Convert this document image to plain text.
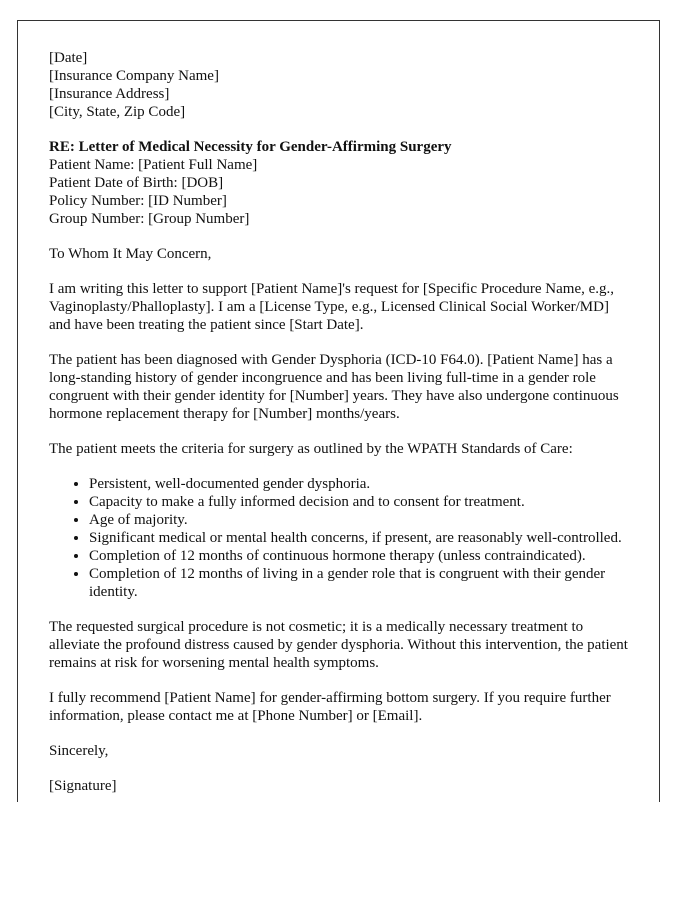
[Date]
[Insurance Company Name]
[Insurance Address]
[City, State, Zip Code]
RE: Letter of Medical Necessity for Gender-Affirming Surgery
Patient Name: [Patient Full Name]
Patient Date of Birth: [DOB]
Policy Number: [ID Number]
Group Number: [Group Number]
To Whom It May Concern,

I am writing this letter to support [Patient Name]'s request for [Specific Procedure Name, e.g., Vaginoplasty/Phalloplasty]. I am a [License Type, e.g., Licensed Clinical Social Worker/MD] and have been treating the patient since [Start Date].

The patient has been diagnosed with Gender Dysphoria (ICD-10 F64.0). [Patient Name] has a long-standing history of gender incongruence and has been living full-time in a gender role congruent with their gender identity for [Number] years. They have also undergone continuous hormone replacement therapy for [Number] months/years.

The patient meets the criteria for surgery as outlined by the WPATH Standards of Care:

• Persistent, well-documented gender dysphoria.
• Capacity to make a fully informed decision and to consent for treatment.
• Age of majority.
• Significant medical or mental health concerns, if present, are reasonably well-controlled.
• Completion of 12 months of continuous hormone therapy (unless contraindicated).
• Completion of 12 months of living in a gender role that is congruent with their gender identity.

The requested surgical procedure is not cosmetic; it is a medically necessary treatment to alleviate the profound distress caused by gender dysphoria. Without this intervention, the patient remains at risk for worsening mental health symptoms.

I fully recommend [Patient Name] for gender-affirming bottom surgery. If you require further information, please contact me at [Phone Number] or [Email].

Sincerely,
[Signature]
